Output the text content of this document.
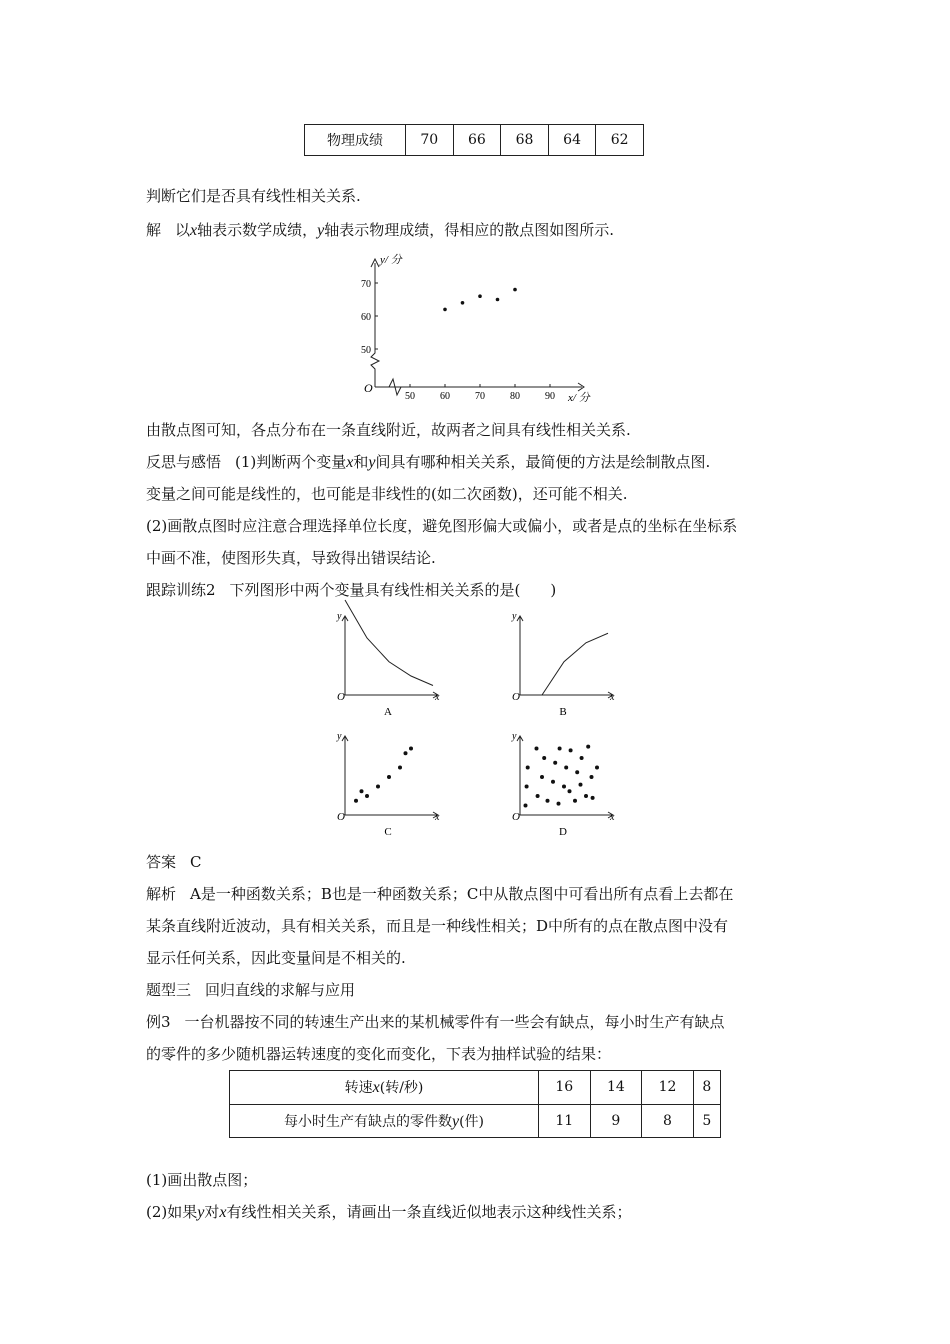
物理成绩	70	66	68	64	62
判断它们是否具有线性相关关系.
解 以x轴表示数学成绩，y轴表示物理成绩，得相应的散点图如图所示.
O
y/ 分
x/ 分
50	60	70	80	90
50
60
70
由散点图可知，各点分布在一条直线附近，故两者之间具有线性相关关系.
反思与感悟 (1)判断两个变量x和y间具有哪种相关关系，最简便的方法是绘制散点图.
变量之间可能是线性的，也可能是非线性的(如二次函数)，还可能不相关.
(2)画散点图时应注意合理选择单位长度，避免图形偏大或偏小，或者是点的坐标在坐标系
中画不准，使图形失真，导致得出错误结论.
跟踪训练2 下列图形中两个变量具有线性相关关系的是(　　)
O
y
x
A
O
y
x
B
O
y
x
C
O
y
x
D
答案 C
解析 A是一种函数关系；B也是一种函数关系；C中从散点图中可看出所有点看上去都在
某条直线附近波动，具有相关关系，而且是一种线性相关；D中所有的点在散点图中没有
显示任何关系，因此变量间是不相关的.
题型三 回归直线的求解与应用
例3 一台机器按不同的转速生产出来的某机械零件有一些会有缺点，每小时生产有缺点
的零件的多少随机器运转速度的变化而变化，下表为抽样试验的结果：
转速x(转/秒)	16	14	12	8
每小时生产有缺点的零件数y(件)	11	9	8	5
(1)画出散点图；
(2)如果y对x有线性相关关系，请画出一条直线近似地表示这种线性关系；
